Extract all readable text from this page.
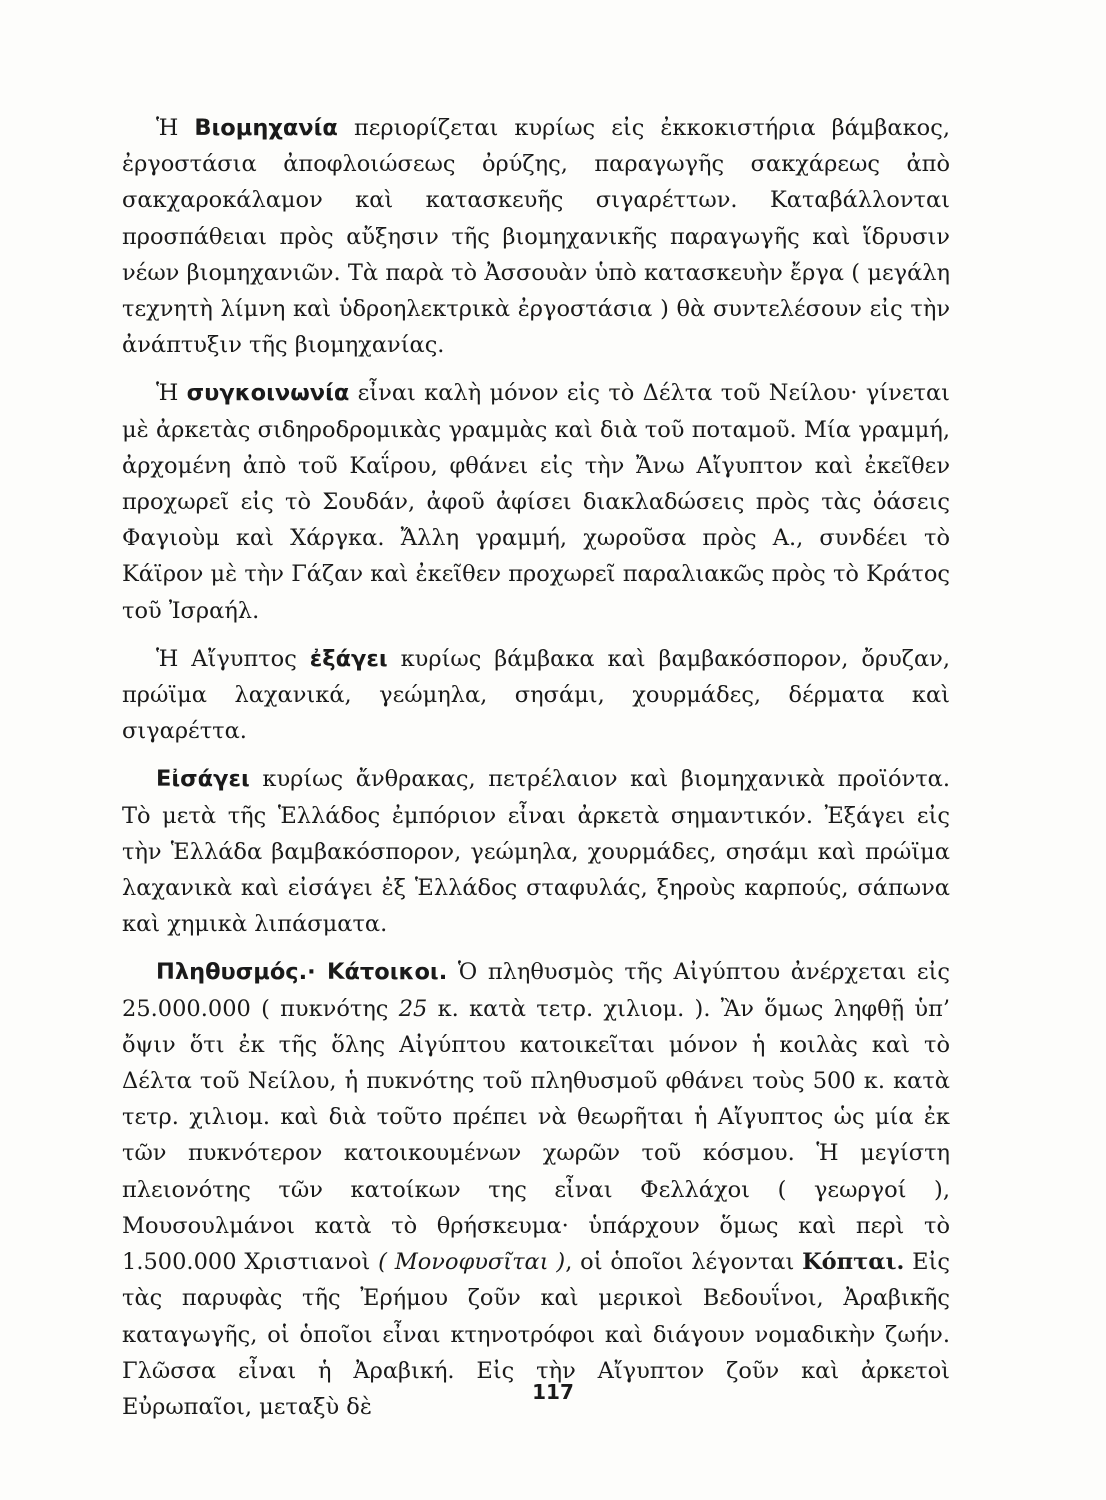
Ἡ Βιομηχανία περιορίζεται κυρίως εἰς ἐκκοκιστήρια βάμβακος, ἐργοστάσια ἀποφλοιώσεως ὀρύζης, παραγωγῆς σακχάρεως ἀπὸ σακχαροκάλαμον καὶ κατασκευῆς σιγαρέττων. Καταβάλλονται προσπάθειαι πρὸς αὔξησιν τῆς βιομηχανικῆς παραγωγῆς καὶ ἵδρυσιν νέων βιομηχανιῶν. Τὰ παρὰ τὸ Ἀσσουὰν ὑπὸ κατασκευὴν ἔργα ( μεγάλη τεχνητὴ λίμνη καὶ ὑδροηλεκτρικὰ ἐργοστάσια ) θὰ συντελέσουν εἰς τὴν ἀνάπτυξιν τῆς βιομηχανίας.

Ἡ συγκοινωνία εἶναι καλὴ μόνον εἰς τὸ Δέλτα τοῦ Νείλου· γίνεται μὲ ἀρκετὰς σιδηροδρομικὰς γραμμὰς καὶ διὰ τοῦ ποταμοῦ. Μία γραμμή, ἀρχομένη ἀπὸ τοῦ Καΐρου, φθάνει εἰς τὴν Ἄνω Αἴγυπτον καὶ ἐκεῖθεν προχωρεῖ εἰς τὸ Σουδάν, ἀφοῦ ἀφίσει διακλαδώσεις πρὸς τὰς ὀάσεις Φαγιοὺμ καὶ Χάργκα. Ἄλλη γραμμή, χωροῦσα πρὸς Α., συνδέει τὸ Κάϊρον μὲ τὴν Γάζαν καὶ ἐκεῖθεν προχωρεῖ παραλιακῶς πρὸς τὸ Κράτος τοῦ Ἰσραήλ.

Ἡ Αἴγυπτος ἐξάγει κυρίως βάμβακα καὶ βαμβακόσπορον, ὄρυζαν, πρώϊμα λαχανικά, γεώμηλα, σησάμι, χουρμάδες, δέρματα καὶ σιγαρέττα.

Εἰσάγει κυρίως ἄνθρακας, πετρέλαιον καὶ βιομηχανικὰ προϊόντα. Τὸ μετὰ τῆς Ἑλλάδος ἐμπόριον εἶναι ἀρκετὰ σημαντικόν. Ἐξάγει εἰς τὴν Ἑλλάδα βαμβακόσπορον, γεώμηλα, χουρμάδες, σησάμι καὶ πρώϊμα λαχανικὰ καὶ εἰσάγει ἐξ Ἑλλάδος σταφυλάς, ξηροὺς καρπούς, σάπωνα καὶ χημικὰ λιπάσματα.

Πληθυσμός.· Κάτοικοι. Ὁ πληθυσμὸς τῆς Αἰγύπτου ἀνέρχεται εἰς 25.000.000 ( πυκνότης 25 κ. κατὰ τετρ. χιλιομ. ). Ἂν ὅμως ληφθῇ ὑπ’ ὄψιν ὅτι ἐκ τῆς ὅλης Αἰγύπτου κατοικεῖται μόνον ἡ κοιλὰς καὶ τὸ Δέλτα τοῦ Νείλου, ἡ πυκνότης τοῦ πληθυσμοῦ φθάνει τοὺς 500 κ. κατὰ τετρ. χιλιομ. καὶ διὰ τοῦτο πρέπει νὰ θεωρῆται ἡ Αἴγυπτος ὡς μία ἐκ τῶν πυκνότερον κατοικουμένων χωρῶν τοῦ κόσμου. Ἡ μεγίστη πλειονότης τῶν κατοίκων της εἶναι Φελλάχοι ( γεωργοί ), Μουσουλμάνοι κατὰ τὸ θρήσκευμα· ὑπάρχουν ὅμως καὶ περὶ τὸ 1.500.000 Χριστιανοὶ ( Μονοφυσῖται ), οἱ ὁποῖοι λέγονται Κόπται. Εἰς τὰς παρυφὰς τῆς Ἐρήμου ζοῦν καὶ μερικοὶ Βεδουΐνοι, Ἀραβικῆς καταγωγῆς, οἱ ὁποῖοι εἶναι κτηνοτρόφοι καὶ διάγουν νομαδικὴν ζωήν. Γλῶσσα εἶναι ἡ Ἀραβική. Εἰς τὴν Αἴγυπτον ζοῦν καὶ ἀρκετοὶ Εὐρωπαῖοι, μεταξὺ δὲ

117
